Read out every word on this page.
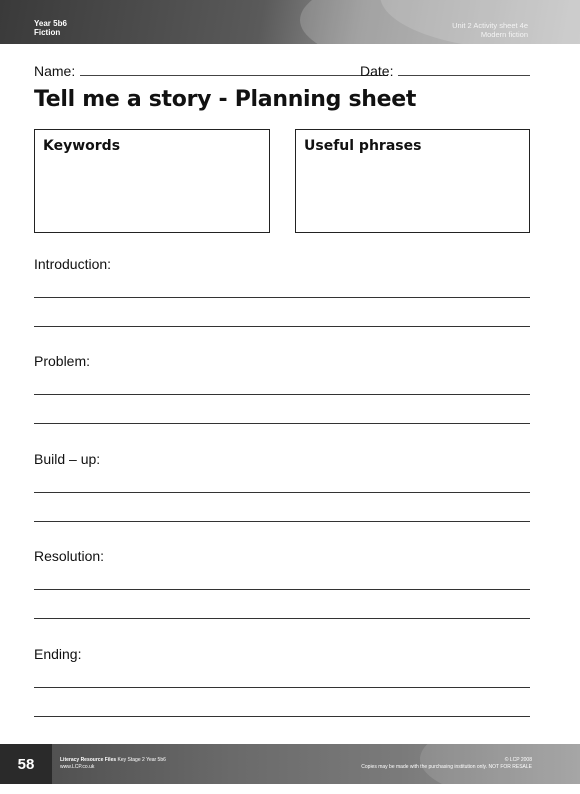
Year 5b6
Fiction
Unit 2 Activity sheet 4e
Modern fiction
Name:	Date:
Tell me a story - Planning sheet
Keywords	Useful phrases
Introduction:
Problem:
Build – up:
Resolution:
Ending:
58	Literacy Resource Files Key Stage 2 Year 5b6
www.LCP.co.uk
© LCP 2008
Copies may be made with the purchasing institution only. NOT FOR RESALE
